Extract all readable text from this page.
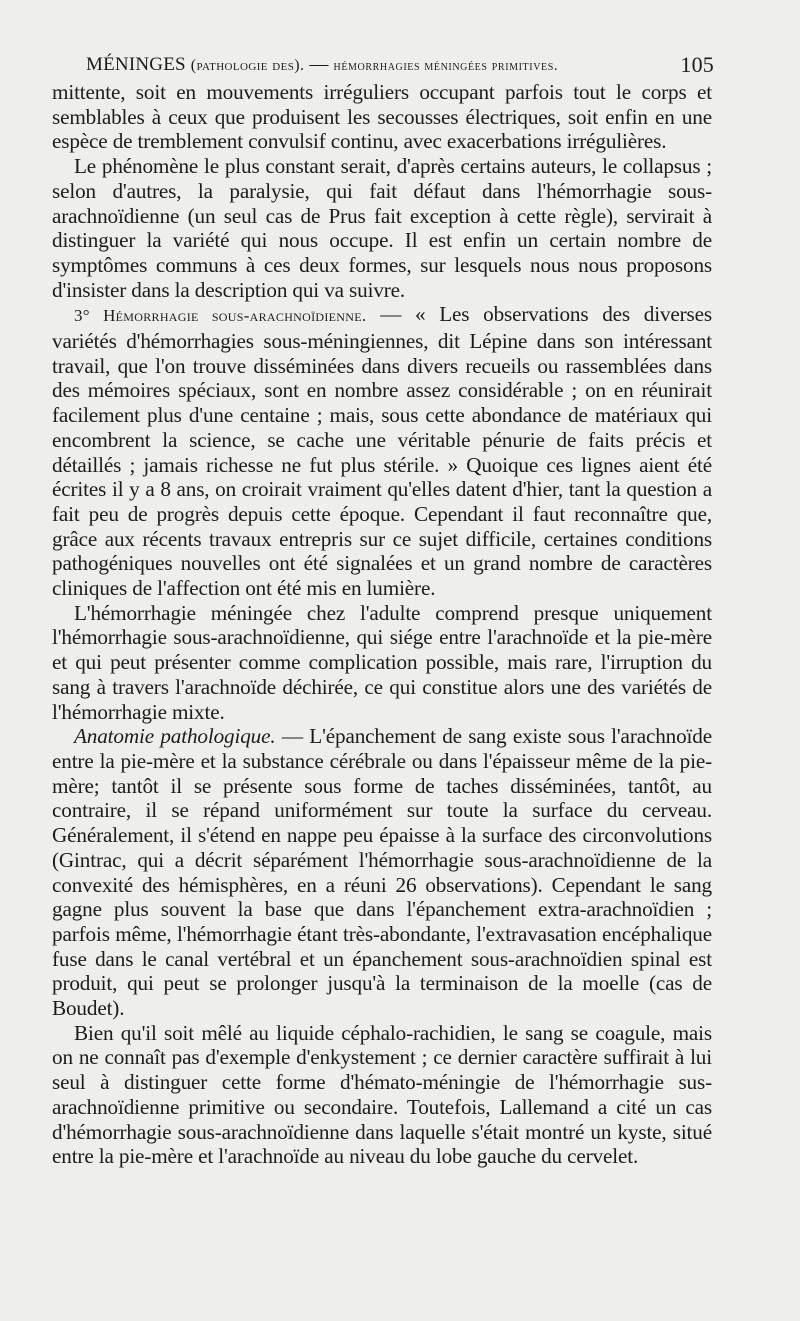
MÉNINGES (pathologie des). — hémorrhagies méningées primitives.	105

mittente, soit en mouvements irréguliers occupant parfois tout le corps et semblables à ceux que produisent les secousses électriques, soit enfin en une espèce de tremblement convulsif continu, avec exacerbations irrégulières.

Le phénomène le plus constant serait, d'après certains auteurs, le collapsus ; selon d'autres, la paralysie, qui fait défaut dans l'hémorrhagie sous-arachnoïdienne (un seul cas de Prus fait exception à cette règle), servirait à distinguer la variété qui nous occupe. Il est enfin un certain nombre de symptômes communs à ces deux formes, sur lesquels nous nous proposons d'insister dans la description qui va suivre.

3° Hémorrhagie sous-arachnoïdienne. — « Les observations des diverses variétés d'hémorrhagies sous-méningiennes, dit Lépine dans son intéressant travail, que l'on trouve disséminées dans divers recueils ou rassemblées dans des mémoires spéciaux, sont en nombre assez considérable ; on en réunirait facilement plus d'une centaine ; mais, sous cette abondance de matériaux qui encombrent la science, se cache une véritable pénurie de faits précis et détaillés ; jamais richesse ne fut plus stérile. » Quoique ces lignes aient été écrites il y a 8 ans, on croirait vraiment qu'elles datent d'hier, tant la question a fait peu de progrès depuis cette époque. Cependant il faut reconnaître que, grâce aux récents travaux entrepris sur ce sujet difficile, certaines conditions pathogéniques nouvelles ont été signalées et un grand nombre de caractères cliniques de l'affection ont été mis en lumière.

L'hémorrhagie méningée chez l'adulte comprend presque uniquement l'hémorrhagie sous-arachnoïdienne, qui siége entre l'arachnoïde et la pie-mère et qui peut présenter comme complication possible, mais rare, l'irruption du sang à travers l'arachnoïde déchirée, ce qui constitue alors une des variétés de l'hémorrhagie mixte.

Anatomie pathologique. — L'épanchement de sang existe sous l'arachnoïde entre la pie-mère et la substance cérébrale ou dans l'épaisseur même de la pie-mère; tantôt il se présente sous forme de taches disséminées, tantôt, au contraire, il se répand uniformément sur toute la surface du cerveau. Généralement, il s'étend en nappe peu épaisse à la surface des circonvolutions (Gintrac, qui a décrit séparément l'hémorrhagie sous-arachnoïdienne de la convexité des hémisphères, en a réuni 26 observations). Cependant le sang gagne plus souvent la base que dans l'épanchement extra-arachnoïdien ; parfois même, l'hémorrhagie étant très-abondante, l'extravasation encéphalique fuse dans le canal vertébral et un épanchement sous-arachnoïdien spinal est produit, qui peut se prolonger jusqu'à la terminaison de la moelle (cas de Boudet).

Bien qu'il soit mêlé au liquide céphalo-rachidien, le sang se coagule, mais on ne connaît pas d'exemple d'enkystement ; ce dernier caractère suffirait à lui seul à distinguer cette forme d'hémato-méningie de l'hémorrhagie sus-arachnoïdienne primitive ou secondaire. Toutefois, Lallemand a cité un cas d'hémorrhagie sous-arachnoïdienne dans laquelle s'était montré un kyste, situé entre la pie-mère et l'arachnoïde au niveau du lobe gauche du cervelet.
